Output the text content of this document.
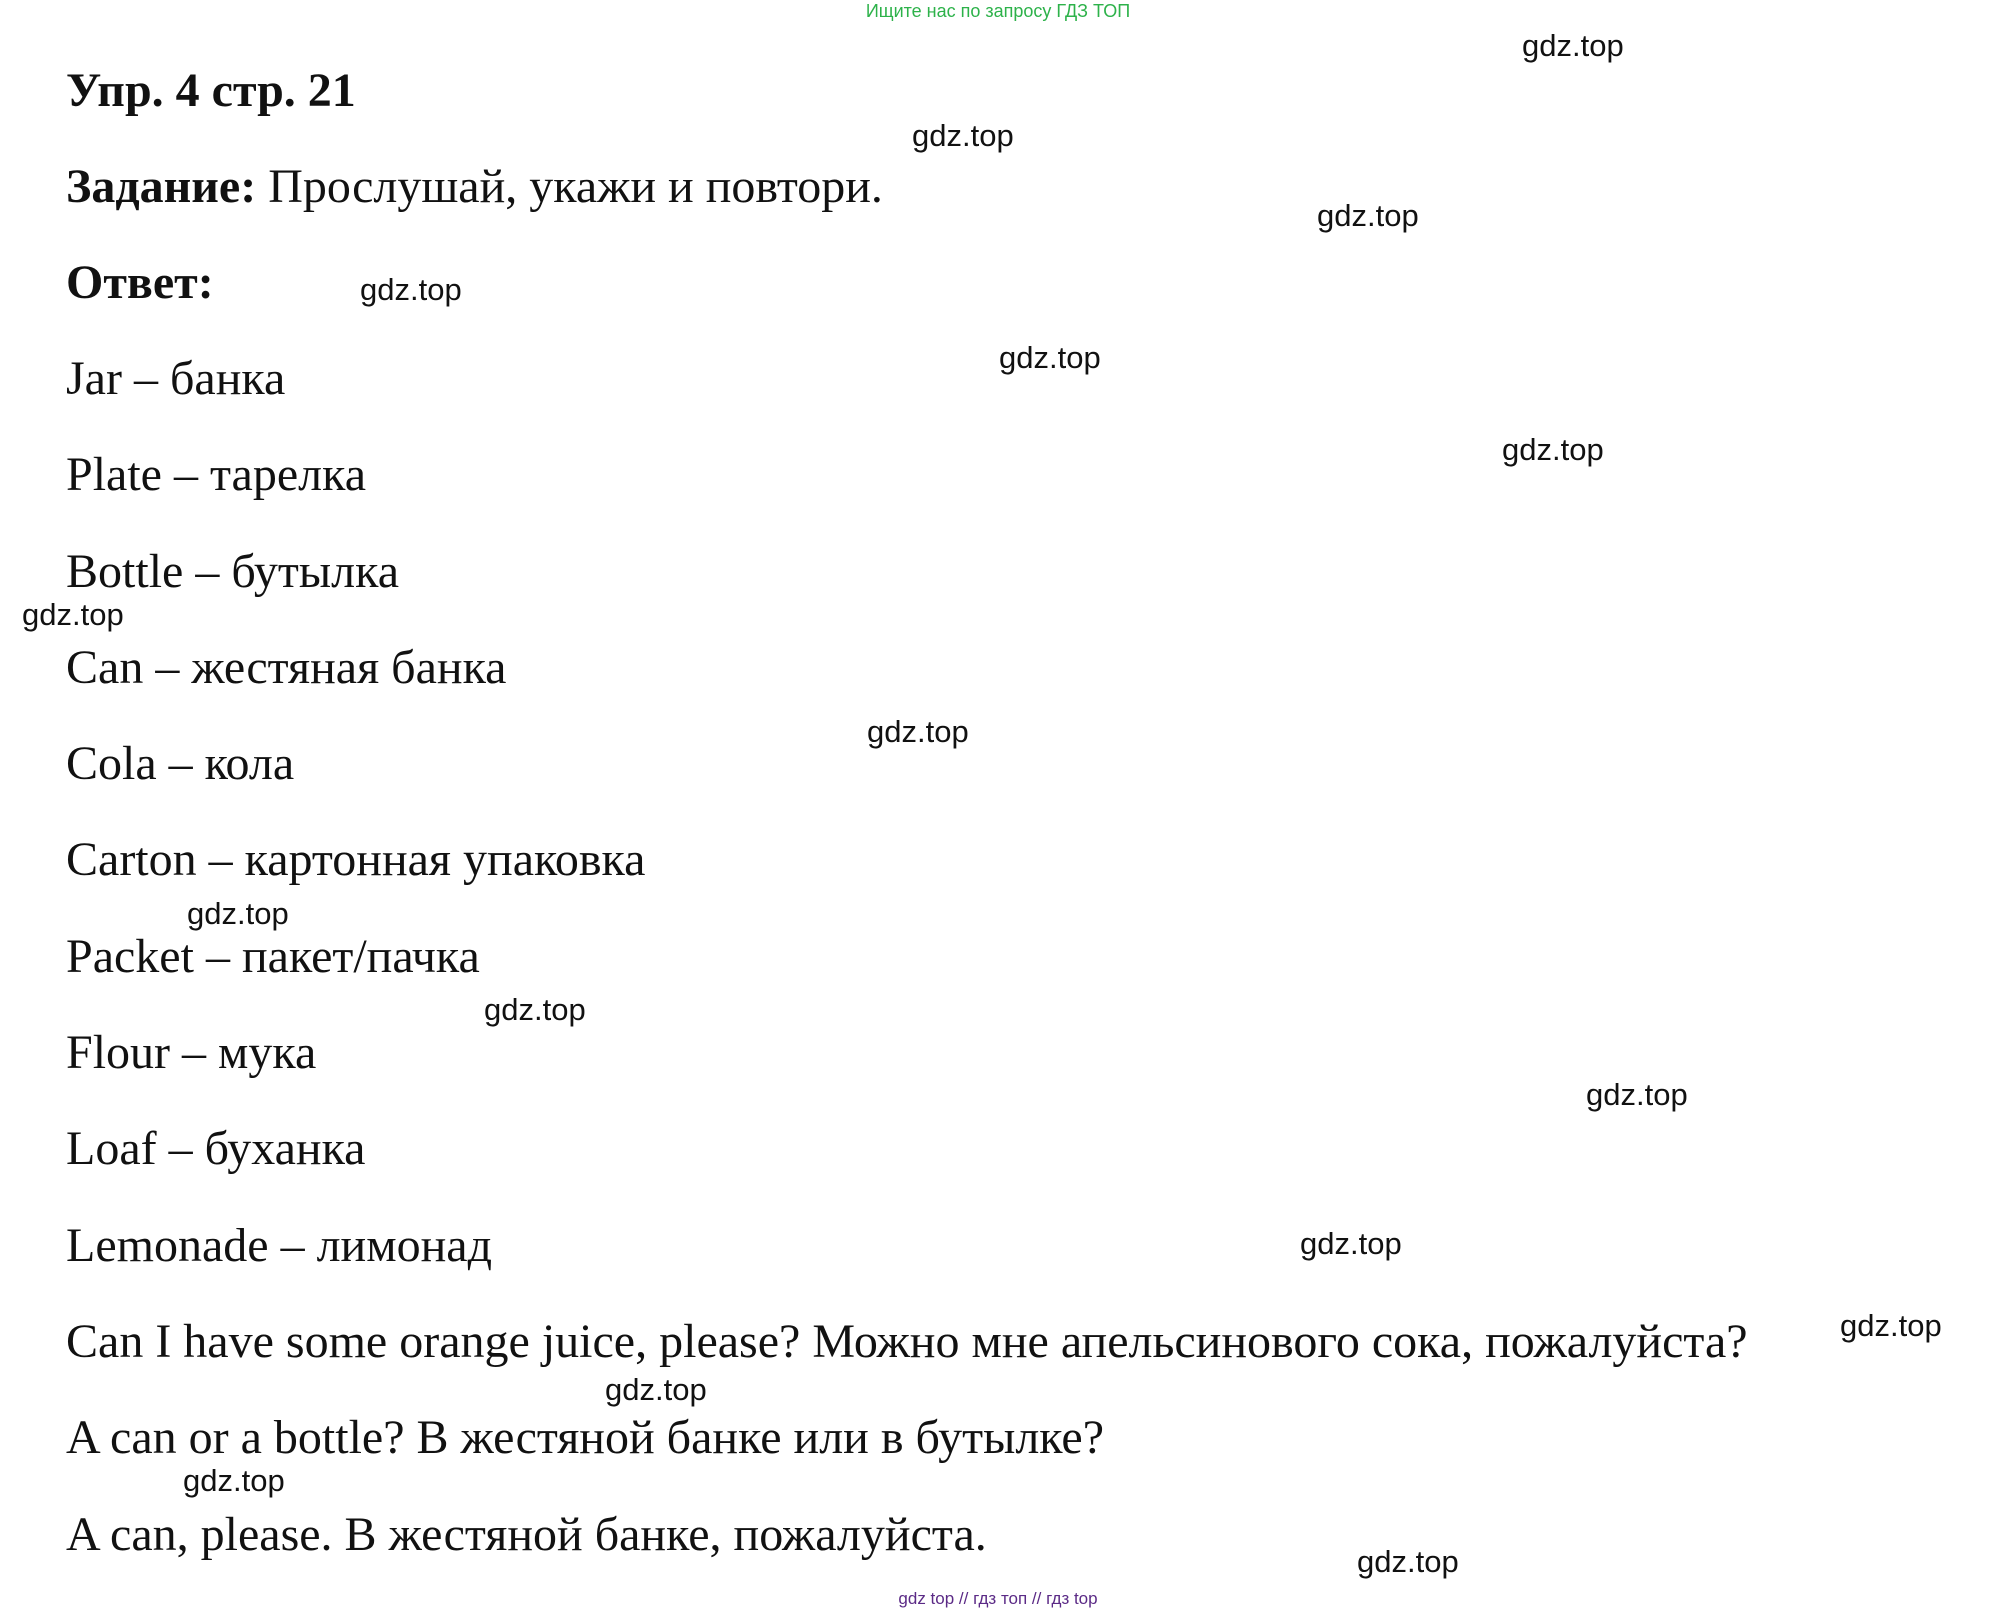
Ищите нас по запросу ГДЗ ТОП
Упр. 4 стр. 21

Задание: Прослушай, укажи и повтори.

Ответ:

Jar – банка
Plate – тарелка
Bottle – бутылка
Can – жестяная банка
Cola – кола
Carton – картонная упаковка
Packet – пакет/пачка
Flour – мука
Loaf – буханка
Lemonade – лимонад
Can I have some orange juice, please? Можно мне апельсинового сока, пожалуйста?
A can or a bottle? В жестяной банке или в бутылке?
A can, please. В жестяной банке, пожалуйста.
gdz.top
gdz.top
gdz.top
gdz.top
gdz.top
gdz.top
gdz.top
gdz.top
gdz.top
gdz.top
gdz.top
gdz.top
gdz.top
gdz.top
gdz.top
gdz.top
gdz top // гдз топ // гдз top
